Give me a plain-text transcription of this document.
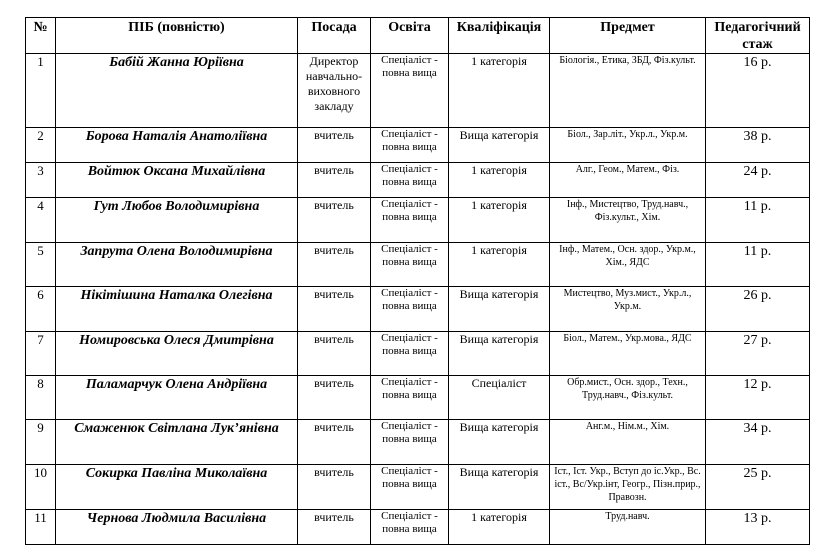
№	ПІБ (повністю)	Посада	Освіта	Кваліфікація	Предмет	Педагогічний стаж
1	Бабій Жанна Юріївна	Директор навчально-виховного закладу	Спеціаліст - повна вища	1 категорія	Біологія., Етика, ЗБД, Фіз.культ.	16 р.
2	Борова Наталія Анатоліївна	вчитель	Спеціаліст - повна вища	Вища категорія	Біол., Зар.літ., Укр.л., Укр.м.	38 р.
3	Войтюк Оксана Михайлівна	вчитель	Спеціаліст - повна вища	1 категорія	Алг., Геом., Матем., Фіз.	24 р.
4	Гут Любов Володимирівна	вчитель	Спеціаліст - повна вища	1 категорія	Інф., Мистецтво, Труд.навч., Фіз.культ., Хім.	11 р.
5	Запрута Олена Володимирівна	вчитель	Спеціаліст - повна вища	1 категорія	Інф., Матем., Осн. здор., Укр.м., Хім., ЯДС	11 р.
6	Нікітішина Наталка Олегівна	вчитель	Спеціаліст - повна вища	Вища категорія	Мистецтво, Муз.мист., Укр.л., Укр.м.	26 р.
7	Номировська Олеся Дмитрівна	вчитель	Спеціаліст - повна вища	Вища категорія	Біол., Матем., Укр.мова., ЯДС	27 р.
8	Паламарчук Олена Андріївна	вчитель	Спеціаліст - повна вища	Спеціаліст	Обр.мист., Осн. здор., Техн., Труд.навч., Фіз.культ.	12 р.
9	Смаженюк Світлана Лук’янівна	вчитель	Спеціаліст - повна вища	Вища категорія	Анг.м., Нім.м., Хім.	34 р.
10	Сокирка Павліна Миколаївна	вчитель	Спеціаліст - повна вища	Вища категорія	Іст., Іст. Укр., Вступ до іс.Укр., Вс. іст., Вс/Укр.інт, Геогр., Пізн.прир., Правозн.	25 р.
11	Чернова Людмила Василівна	вчитель	Спеціаліст - повна вища	1 категорія	Труд.навч.	13 р.
